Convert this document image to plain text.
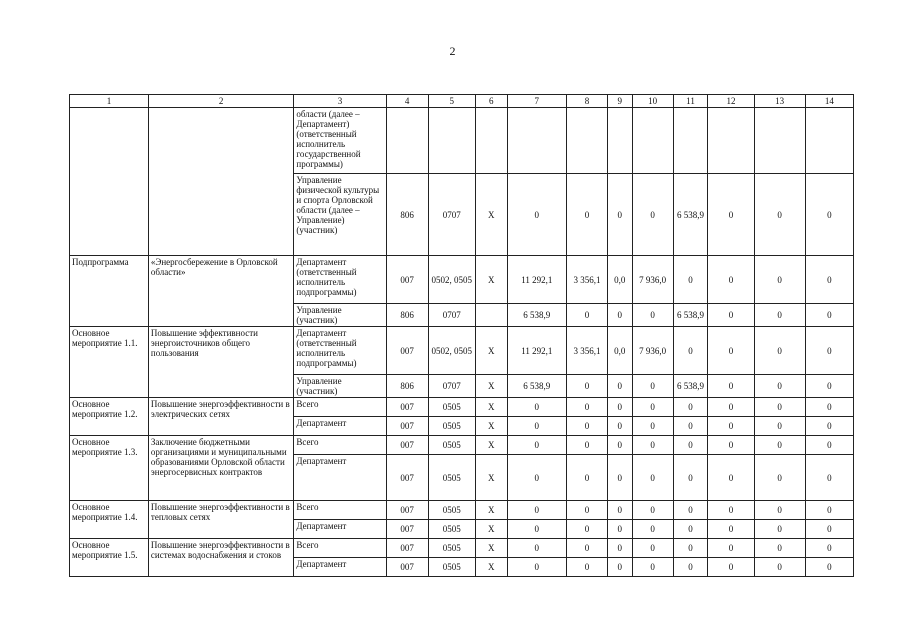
2
1	2	3	4	5	6	7	8	9	10	11	12	13	14
		области (далее – Департамент) (ответственный исполнитель государственной программы)											
		Управление физической культуры и спорта Орловской области (далее – Управление) (участник)	806	0707	X	0	0	0	0	6 538,9	0	0	0
Подпрограмма	«Энергосбережение в Орловской области»	Департамент (ответственный исполнитель подпрограммы)	007	0502, 0505	X	11 292,1	3 356,1	0,0	7 936,0	0	0	0	0
		Управление (участник)	806	0707		6 538,9	0	0	0	6 538,9	0	0	0
Основное мероприятие 1.1.	Повышение эффективности энергоисточников общего пользования	Департамент (ответственный исполнитель подпрограммы)	007	0502, 0505	X	11 292,1	3 356,1	0,0	7 936,0	0	0	0	0
		Управление (участник)	806	0707	X	6 538,9	0	0	0	6 538,9	0	0	0
Основное мероприятие 1.2.	Повышение энергоэффективности в электрических сетях	Всего	007	0505	X	0	0	0	0	0	0	0	0
		Департамент	007	0505	X	0	0	0	0	0	0	0	0
Основное мероприятие 1.3.	Заключение бюджетными организациями и муниципальными образованиями Орловской области энергосервисных контрактов	Всего	007	0505	X	0	0	0	0	0	0	0	0
		Департамент	007	0505	X	0	0	0	0	0	0	0	0
Основное мероприятие 1.4.	Повышение энергоэффективности в тепловых сетях	Всего	007	0505	X	0	0	0	0	0	0	0	0
		Департамент	007	0505	X	0	0	0	0	0	0	0	0
Основное мероприятие 1.5.	Повышение энергоэффективности в системах водоснабжения и стоков	Всего	007	0505	X	0	0	0	0	0	0	0	0
		Департамент	007	0505	X	0	0	0	0	0	0	0	0
